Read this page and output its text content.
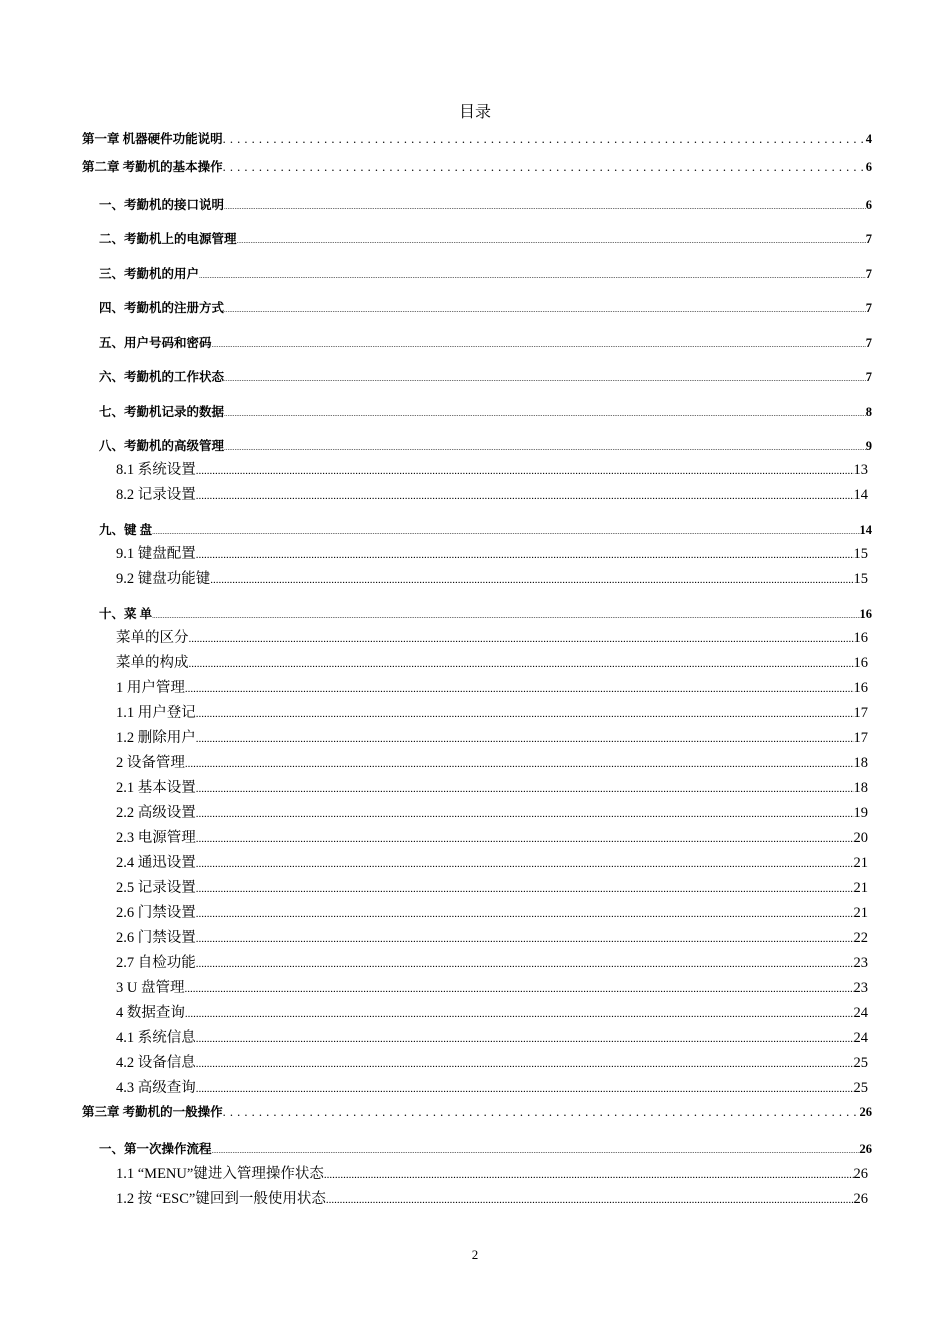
目录
第一章 机器硬件功能说明 . . .	4
第二章 考勤机的基本操作 . . .	6
一、考勤机的接口说明 .....	6
二、考勤机上的电源管理 .....	7
三、考勤机的用户 .....	7
四、考勤机的注册方式 .....	7
五、用户号码和密码 .....	7
六、考勤机的工作状态 .....	7
七、考勤机记录的数据 .....	8
八、考勤机的高级管理 .....	9
8.1 系统设置 .....	13
8.2 记录设置 .....	14
九、键 盘 .....	14
9.1 键盘配置 .....	15
9.2 键盘功能键 .....	15
十、菜 单 .....	16
菜单的区分 .....	16
菜单的构成 .....	16
1 用户管理 .....	16
1.1 用户登记 .....	17
1.2 删除用户 .....	17
2 设备管理 .....	18
2.1 基本设置 .....	18
2.2 高级设置 .....	19
2.3 电源管理 .....	20
2.4 通迅设置 .....	21
2.5 记录设置 .....	21
2.6 门禁设置 .....	21
2.6 门禁设置 .....	22
2.7 自检功能 .....	23
3 U 盘管理 .....	23
4 数据查询 .....	24
4.1 系统信息 .....	24
4.2 设备信息 .....	25
4.3 高级查询 .....	25
第三章 考勤机的一般操作 . . .	26
一、第一次操作流程 .....	26
1.1 “MENU”键进入管理操作状态 .....	26
1.2 按 “ESC”键回到一般使用状态 .....	26
2
